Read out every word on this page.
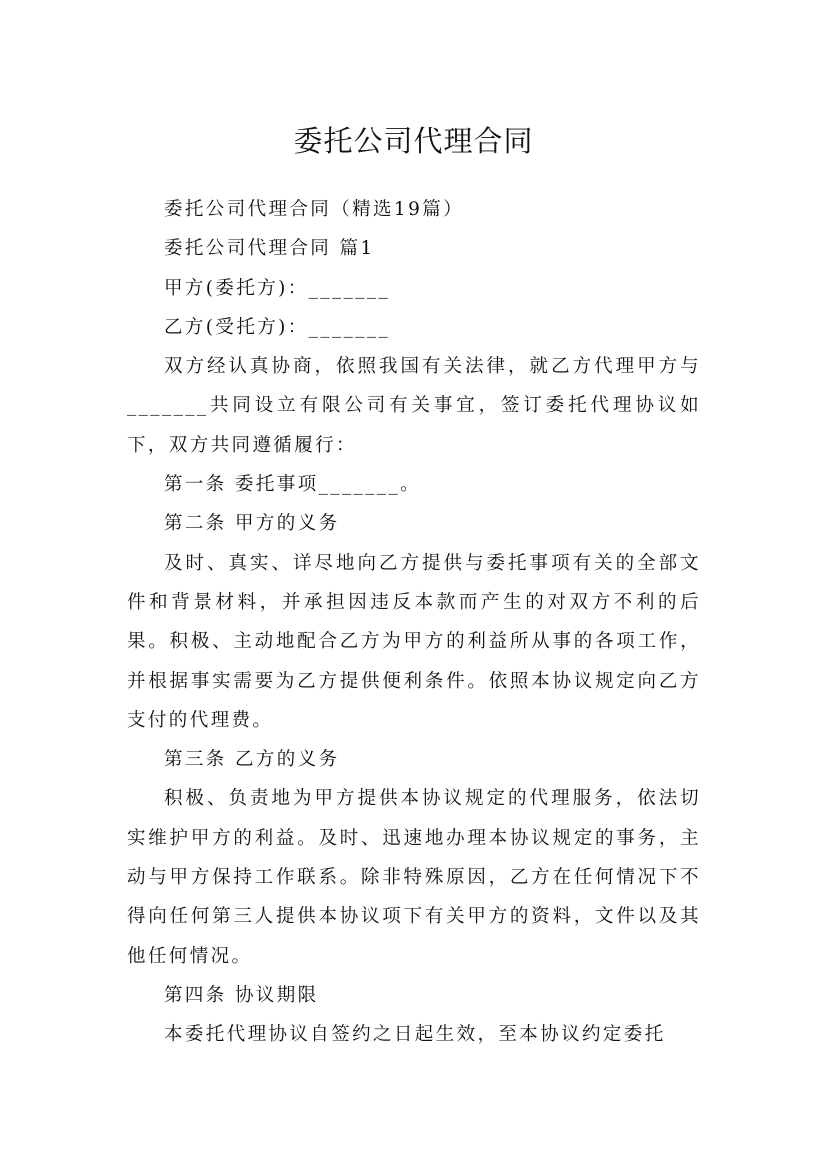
委托公司代理合同

委托公司代理合同（精选19篇）

委托公司代理合同 篇1

甲方(委托方)：_______

乙方(受托方)：_______

双方经认真协商，依照我国有关法律，就乙方代理甲方与_______共同设立有限公司有关事宜，签订委托代理协议如下，双方共同遵循履行：

第一条 委托事项_______。

第二条 甲方的义务

及时、真实、详尽地向乙方提供与委托事项有关的全部文件和背景材料，并承担因违反本款而产生的对双方不利的后果。积极、主动地配合乙方为甲方的利益所从事的各项工作，并根据事实需要为乙方提供便利条件。依照本协议规定向乙方支付的代理费。

第三条 乙方的义务

积极、负责地为甲方提供本协议规定的代理服务，依法切实维护甲方的利益。及时、迅速地办理本协议规定的事务，主动与甲方保持工作联系。除非特殊原因，乙方在任何情况下不得向任何第三人提供本协议项下有关甲方的资料，文件以及其他任何情况。

第四条 协议期限

本委托代理协议自签约之日起生效，至本协议约定委托
